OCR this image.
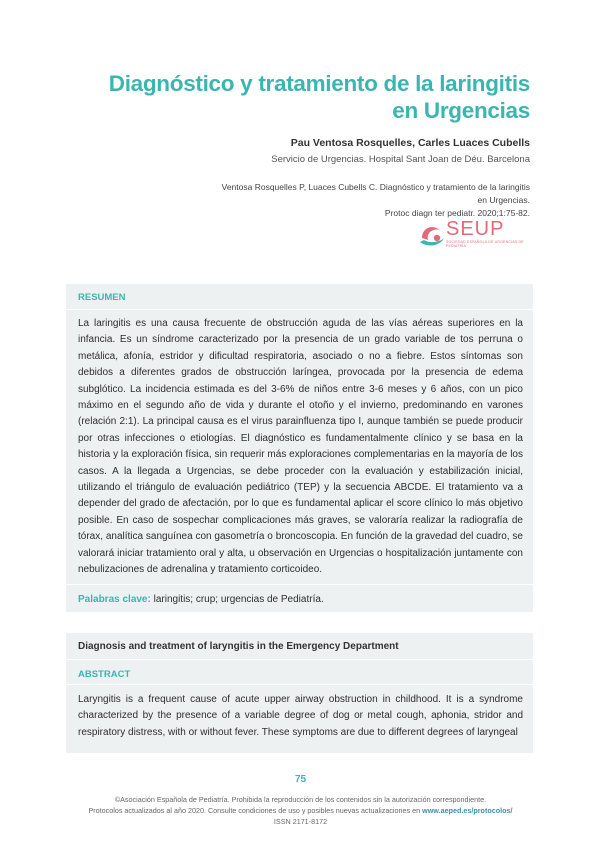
Diagnóstico y tratamiento de la laringitis
en Urgencias
Pau Ventosa Rosquelles, Carles Luaces Cubells
Servicio de Urgencias. Hospital Sant Joan de Déu. Barcelona
Ventosa Rosquelles P, Luaces Cubells C. Diagnóstico y tratamiento de la laringitis en Urgencias.
Protoc diagn ter pediatr. 2020;1:75-82.
SEUP
SOCIEDAD ESPAÑOLA DE URGENCIAS DE PEDIATRÍA
RESUMEN
La laringitis es una causa frecuente de obstrucción aguda de las vías aéreas superiores en la infancia. Es un síndrome caracterizado por la presencia de un grado variable de tos perruna o metálica, afonía, estridor y dificultad respiratoria, asociado o no a fiebre. Estos síntomas son debidos a diferentes grados de obstrucción laríngea, provocada por la presencia de edema subglótico. La incidencia estimada es del 3-6% de niños entre 3-6 meses y 6 años, con un pico máximo en el segundo año de vida y durante el otoño y el invierno, predominando en varones (relación 2:1). La principal causa es el virus parainfluenza tipo I, aunque también se puede producir por otras infecciones o etiologías. El diagnóstico es fundamentalmente clínico y se basa en la historia y la exploración física, sin requerir más exploraciones complementarias en la mayoría de los casos. A la llegada a Urgencias, se debe proceder con la evaluación y estabilización inicial, utilizando el triángulo de evaluación pediátrico (TEP) y la secuencia ABCDE. El tratamiento va a depender del grado de afectación, por lo que es fundamental aplicar el score clínico lo más objetivo posible. En caso de sospechar complicaciones más graves, se valoraría realizar la radiografía de tórax, analítica sanguínea con gasometría o broncoscopia. En función de la gravedad del cuadro, se valorará iniciar tratamiento oral y alta, u observación en Urgencias o hospitalización juntamente con nebulizaciones de adrenalina y tratamiento corticoideo.
Palabras clave: laringitis; crup; urgencias de Pediatría.
Diagnosis and treatment of laryngitis in the Emergency Department
ABSTRACT
Laryngitis is a frequent cause of acute upper airway obstruction in childhood. It is a syndrome characterized by the presence of a variable degree of dog or metal cough, aphonia, stridor and respiratory distress, with or without fever. These symptoms are due to different degrees of laryngeal
75
©Asociación Española de Pediatría. Prohibida la reproducción de los contenidos sin la autorización correspondiente.
Protocolos actualizados al año 2020. Consulte condiciones de uso y posibles nuevas actualizaciones en www.aeped.es/protocolos/
ISSN 2171-8172
